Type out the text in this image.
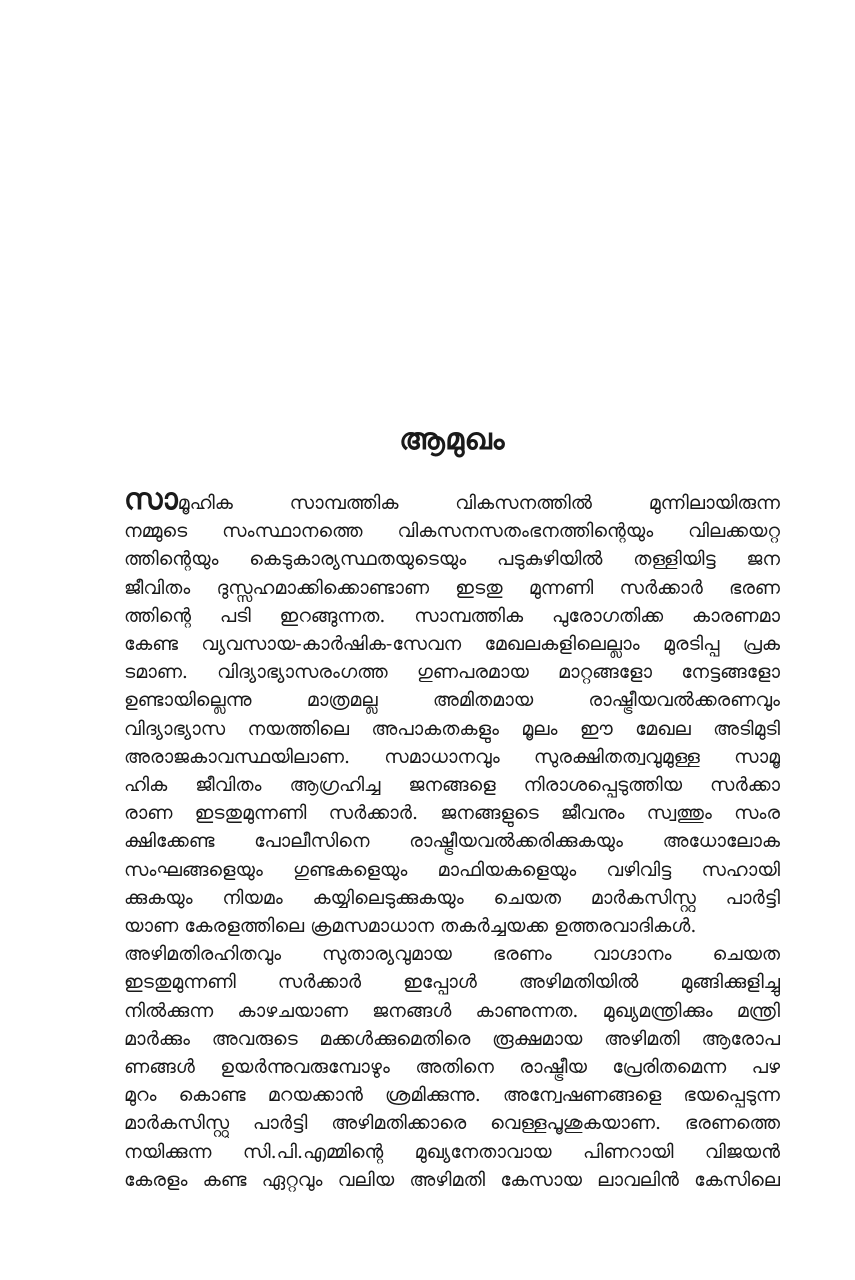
ആമുഖം
സാമൂഹിക സാമ്പത്തിക വികസനത്തിൽ മുന്നിലായിരുന്ന
നമ്മുടെ സംസ്ഥാനത്തെ വികസനസതംഭനത്തിന്റെയും വിലക്കയറ്റ
ത്തിന്റെയും കെടുകാര്യസ്ഥതയുടെയും പടുകുഴിയിൽ തള്ളിയിട്ട ജന
ജീവിതം ദുസ്സഹമാക്കിക്കൊണ്ടാണ ഇടതു മുന്നണി സർക്കാർ ഭരണ
ത്തിന്റെ പടി ഇറങ്ങുന്നത. സാമ്പത്തിക പുരോഗതിക്ക കാരണമാ
കേണ്ട വ്യവസായ-കാർഷിക-സേവന മേഖലകളിലെല്ലാം മുരടിപ്പ പ്രക
ടമാണ. വിദ്യാഭ്യാസരംഗത്ത ഗുണപരമായ മാറ്റങ്ങളോ നേട്ടങ്ങളോ
ഉണ്ടായില്ലെന്നു മാത്രമല്ല അമിതമായ രാഷ്ട്രീയവൽക്കരണവും
വിദ്യാഭ്യാസ നയത്തിലെ അപാകതകളും മൂലം ഈ മേഖല അടിമുടി
അരാജകാവസ്ഥയിലാണ. സമാധാനവും സുരക്ഷിതത്വവുമുള്ള സാമൂ
ഹിക ജീവിതം ആഗ്രഹിച്ച ജനങ്ങളെ നിരാശപ്പെടുത്തിയ സർക്കാ
രാണ ഇടതുമുന്നണി സർക്കാർ. ജനങ്ങളുടെ ജീവനും സ്വത്തും സംര
ക്ഷിക്കേണ്ട പോലീസിനെ രാഷ്ട്രീയവൽക്കരിക്കുകയും അധോലോക
സംഘങ്ങളെയും ഗുണ്ടകളെയും മാഫിയകളെയും വഴിവിട്ട സഹായി
ക്കുകയും നിയമം കയ്യിലെടുക്കുകയും ചെയത മാർകസിസ്റ്റു പാർട്ടി
യാണ കേരളത്തിലെ ക്രമസമാധാന തകർച്ചയക്ക ഉത്തരവാദികൾ.
അഴിമതിരഹിതവും സുതാര്യവുമായ ഭരണം വാഗ്ദാനം ചെയത
ഇടതുമുന്നണി സർക്കാർ ഇപ്പോൾ അഴിമതിയിൽ മുങ്ങിക്കുളിച്ചു
നിൽക്കുന്ന കാഴചയാണ ജനങ്ങൾ കാണുന്നത. മുഖ്യമന്ത്രിക്കും മന്ത്രി
മാർക്കും അവരുടെ മക്കൾക്കുമെതിരെ രൂക്ഷമായ അഴിമതി ആരോപ
ണങ്ങൾ ഉയർന്നുവരുമ്പോഴും അതിനെ രാഷ്ട്രീയ പ്രേരിതമെന്ന പഴ
മുറം കൊണ്ട മറയക്കാൻ ശ്രമിക്കുന്നു. അന്വേഷണങ്ങളെ ഭയപ്പെടുന്ന
മാർകസിസ്റ്റു പാർട്ടി അഴിമതിക്കാരെ വെള്ളപൂശുകയാണ. ഭരണത്തെ
നയിക്കുന്ന സി.പി.എമ്മിന്റെ മുഖ്യനേതാവായ പിണറായി വിജയൻ
കേരളം കണ്ട ഏറ്റവും വലിയ അഴിമതി കേസായ ലാവലിൻ കേസിലെ
